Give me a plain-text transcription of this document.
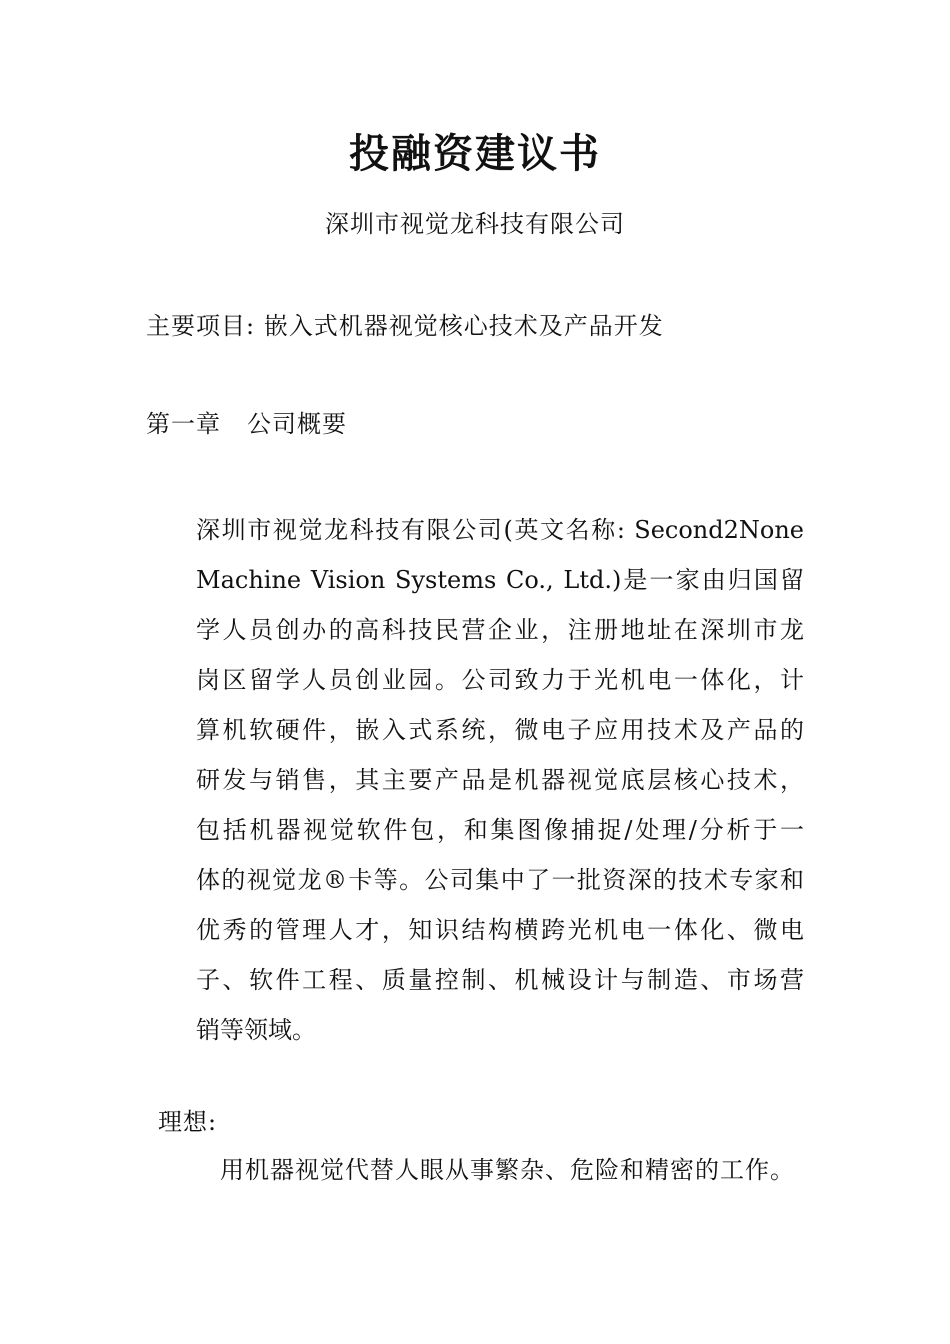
投融资建议书
深圳市视觉龙科技有限公司
主要项目: 嵌入式机器视觉核心技术及产品开发
第一章 公司概要
深圳市视觉龙科技有限公司(英文名称: Second2None
Machine Vision Systems Co., Ltd.)是一家由归国留
学人员创办的高科技民营企业，注册地址在深圳市龙
岗区留学人员创业园。公司致力于光机电一体化，计
算机软硬件，嵌入式系统，微电子应用技术及产品的
研发与销售，其主要产品是机器视觉底层核心技术，
包括机器视觉软件包，和集图像捕捉/处理/分析于一
体的视觉龙®卡等。公司集中了一批资深的技术专家和
优秀的管理人才，知识结构横跨光机电一体化、微电
子、软件工程、质量控制、机械设计与制造、市场营
销等领域。
理想:
用机器视觉代替人眼从事繁杂、危险和精密的工作。
